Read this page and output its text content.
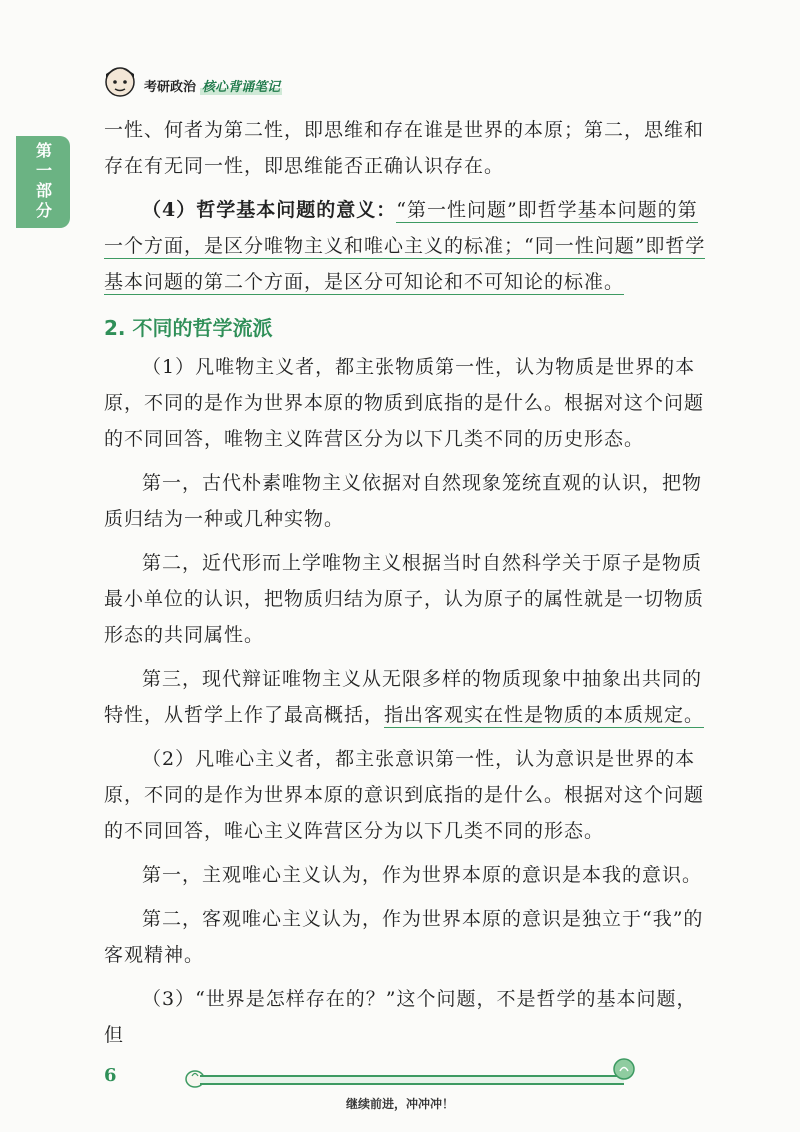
考研政治 核心背诵笔记
第一部分

一性、何者为第二性，即思维和存在谁是世界的本原；第二，思维和存在有无同一性，即思维能否正确认识存在。

（4）哲学基本问题的意义：“第一性问题”即哲学基本问题的第一个方面，是区分唯物主义和唯心主义的标准；“同一性问题”即哲学基本问题的第二个方面，是区分可知论和不可知论的标准。

2. 不同的哲学流派

（1）凡唯物主义者，都主张物质第一性，认为物质是世界的本原，不同的是作为世界本原的物质到底指的是什么。根据对这个问题的不同回答，唯物主义阵营区分为以下几类不同的历史形态。

第一，古代朴素唯物主义依据对自然现象笼统直观的认识，把物质归结为一种或几种实物。

第二，近代形而上学唯物主义根据当时自然科学关于原子是物质最小单位的认识，把物质归结为原子，认为原子的属性就是一切物质形态的共同属性。

第三，现代辩证唯物主义从无限多样的物质现象中抽象出共同的特性，从哲学上作了最高概括，指出客观实在性是物质的本质规定。

（2）凡唯心主义者，都主张意识第一性，认为意识是世界的本原，不同的是作为世界本原的意识到底指的是什么。根据对这个问题的不同回答，唯心主义阵营区分为以下几类不同的形态。

第一，主观唯心主义认为，作为世界本原的意识是本我的意识。

第二，客观唯心主义认为，作为世界本原的意识是独立于“我”的客观精神。

（3）“世界是怎样存在的？”这个问题，不是哲学的基本问题，但

6
继续前进，冲冲冲！
